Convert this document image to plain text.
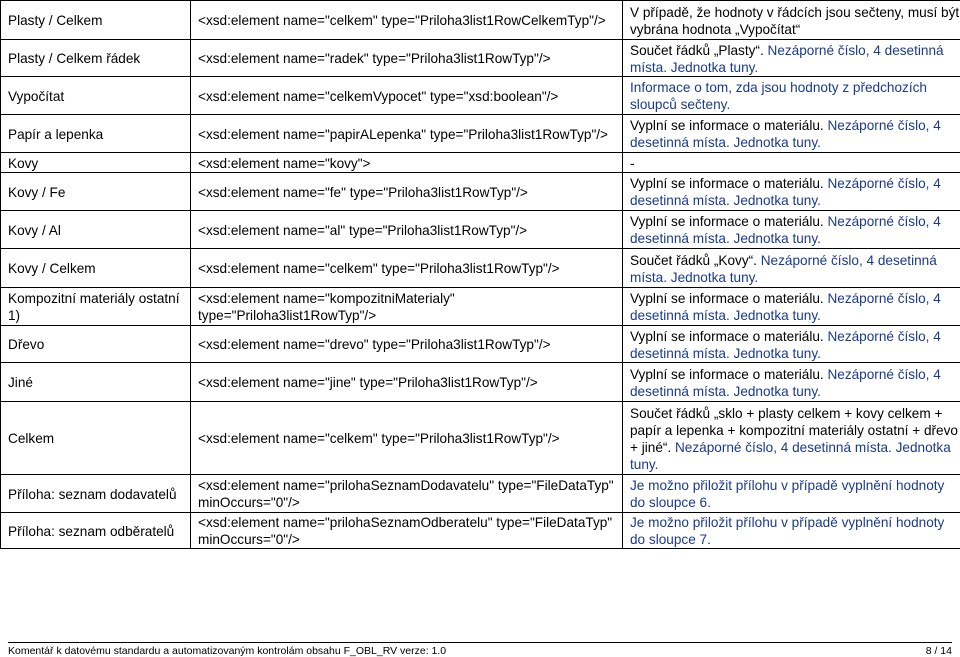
Plasty / Celkem	<xsd:element name="celkem" type="Priloha3list1RowCelkemTyp"/>	V případě, že hodnoty v řádcích jsou sečteny, musí být vybrána hodnota „Vypočítat“
Plasty / Celkem řádek	<xsd:element name="radek" type="Priloha3list1RowTyp"/>	Součet řádků „Plasty“. Nezáporné číslo, 4 desetinná místa. Jednotka tuny.
Vypočítat	<xsd:element name="celkemVypocet" type="xsd:boolean"/>	Informace o tom, zda jsou hodnoty z předchozích sloupců sečteny.
Papír a lepenka	<xsd:element name="papirALepenka" type="Priloha3list1RowTyp"/>	Vyplní se informace o materiálu. Nezáporné číslo, 4 desetinná místa. Jednotka tuny.
Kovy	<xsd:element name="kovy">	-
Kovy / Fe	<xsd:element name="fe" type="Priloha3list1RowTyp"/>	Vyplní se informace o materiálu. Nezáporné číslo, 4 desetinná místa. Jednotka tuny.
Kovy / Al	<xsd:element name="al" type="Priloha3list1RowTyp"/>	Vyplní se informace o materiálu. Nezáporné číslo, 4 desetinná místa. Jednotka tuny.
Kovy / Celkem	<xsd:element name="celkem" type="Priloha3list1RowTyp"/>	Součet řádků „Kovy“. Nezáporné číslo, 4 desetinná místa. Jednotka tuny.
Kompozitní materiály ostatní 1)	<xsd:element name="kompozitniMaterialy" type="Priloha3list1RowTyp"/>	Vyplní se informace o materiálu. Nezáporné číslo, 4 desetinná místa. Jednotka tuny.
Dřevo	<xsd:element name="drevo" type="Priloha3list1RowTyp"/>	Vyplní se informace o materiálu. Nezáporné číslo, 4 desetinná místa. Jednotka tuny.
Jiné	<xsd:element name="jine" type="Priloha3list1RowTyp"/>	Vyplní se informace o materiálu. Nezáporné číslo, 4 desetinná místa. Jednotka tuny.
Celkem	<xsd:element name="celkem" type="Priloha3list1RowTyp"/>	Součet řádků „sklo + plasty celkem + kovy celkem + papír a lepenka + kompozitní materiály ostatní + dřevo + jiné“. Nezáporné číslo, 4 desetinná místa. Jednotka tuny.
Příloha: seznam dodavatelů	<xsd:element name="prilohaSeznamDodavatelu" type="FileDataTyp" minOccurs="0"/>	Je možno přiložit přílohu v případě vyplnění hodnoty do sloupce 6.
Příloha: seznam odběratelů	<xsd:element name="prilohaSeznamOdberatelu" type="FileDataTyp" minOccurs="0"/>	Je možno přiložit přílohu v případě vyplnění hodnoty do sloupce 7.
Komentář k datovému standardu a automatizovaným kontrolám obsahu F_OBL_RV verze: 1.0	8 / 14
